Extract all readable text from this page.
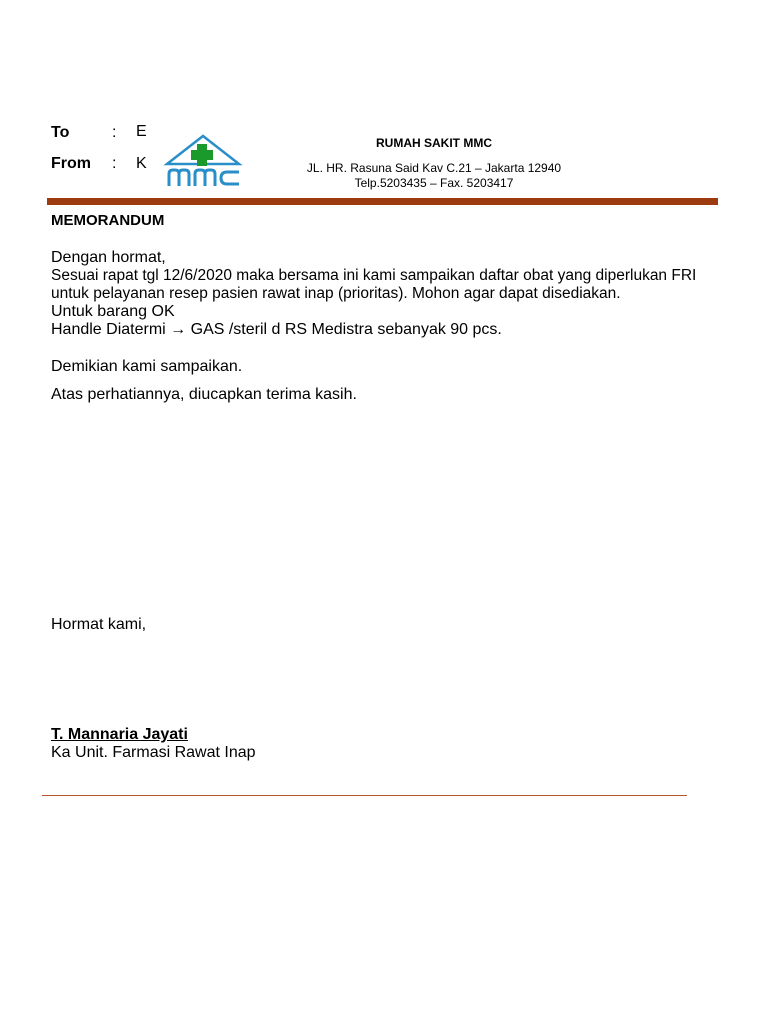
To	: E
From : K
RUMAH SAKIT MMC
JL. HR. Rasuna Said Kav C.21 – Jakarta 12940
Telp.5203435 – Fax. 5203417
MEMORANDUM
Dengan hormat,
Sesuai rapat tgl 12/6/2020 maka bersama ini kami sampaikan daftar obat yang diperlukan FRI
untuk pelayanan resep pasien rawat inap (prioritas). Mohon agar dapat disediakan.
Untuk barang OK
Handle Diatermi → GAS /steril d RS Medistra sebanyak 90 pcs.
Demikian kami sampaikan.
Atas perhatiannya, diucapkan terima kasih.
Hormat kami,
T. Mannaria Jayati
Ka Unit. Farmasi Rawat Inap
